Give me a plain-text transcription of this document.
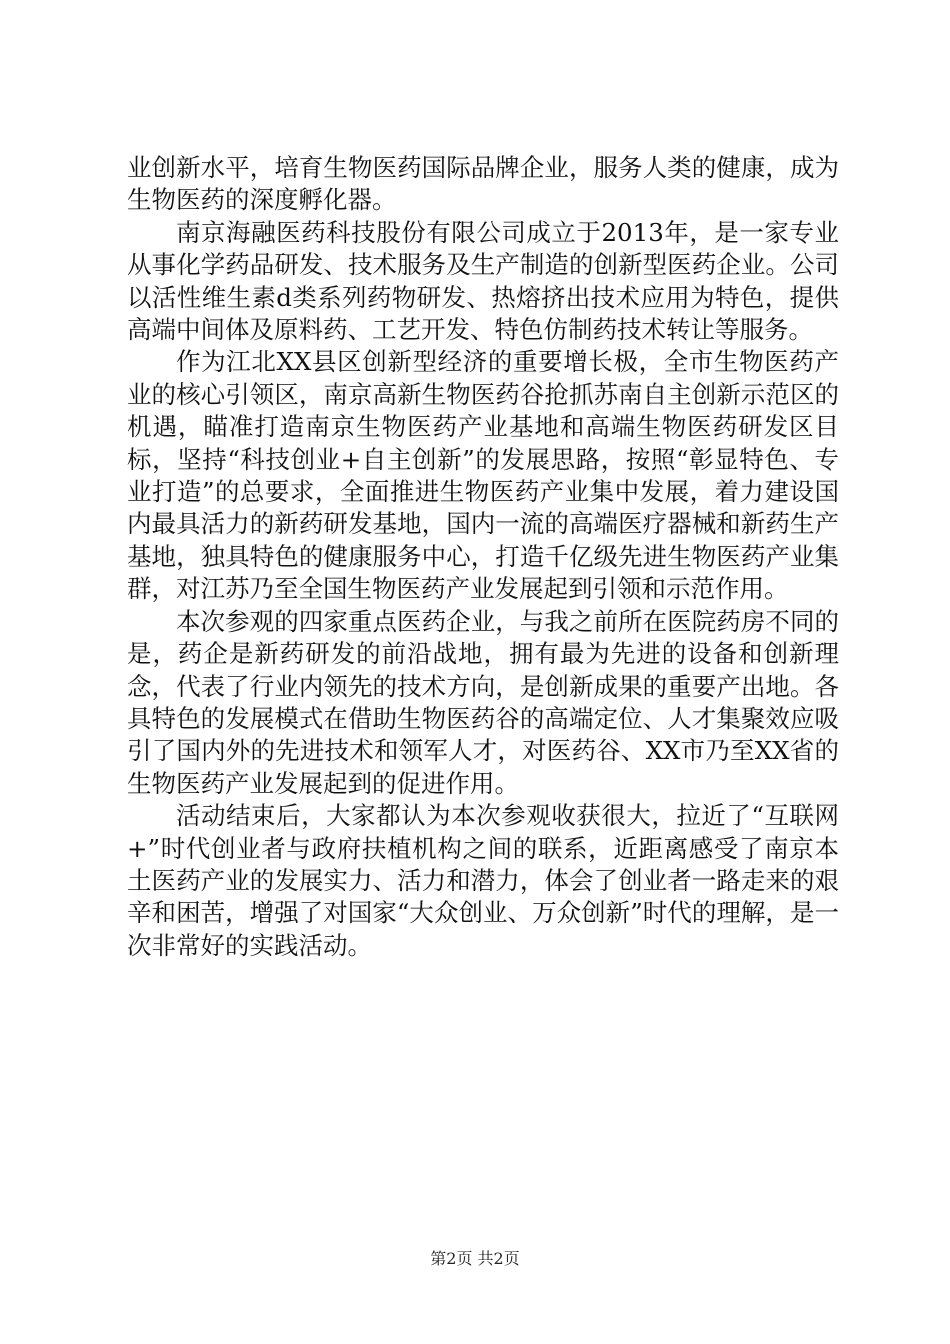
业创新水平，培育生物医药国际品牌企业，服务人类的健康，成为生物医药的深度孵化器。

南京海融医药科技股份有限公司成立于2013年，是一家专业从事化学药品研发、技术服务及生产制造的创新型医药企业。公司以活性维生素d类系列药物研发、热熔挤出技术应用为特色，提供高端中间体及原料药、工艺开发、特色仿制药技术转让等服务。

作为江北XX县区创新型经济的重要增长极，全市生物医药产业的核心引领区，南京高新生物医药谷抢抓苏南自主创新示范区的机遇，瞄准打造南京生物医药产业基地和高端生物医药研发区目标，坚持“科技创业+自主创新”的发展思路，按照“彰显特色、专业打造”的总要求，全面推进生物医药产业集中发展，着力建设国内最具活力的新药研发基地，国内一流的高端医疗器械和新药生产基地，独具特色的健康服务中心，打造千亿级先进生物医药产业集群，对江苏乃至全国生物医药产业发展起到引领和示范作用。

本次参观的四家重点医药企业，与我之前所在医院药房不同的是，药企是新药研发的前沿战地，拥有最为先进的设备和创新理念，代表了行业内领先的技术方向，是创新成果的重要产出地。各具特色的发展模式在借助生物医药谷的高端定位、人才集聚效应吸引了国内外的先进技术和领军人才，对医药谷、XX市乃至XX省的生物医药产业发展起到的促进作用。

活动结束后，大家都认为本次参观收获很大，拉近了“互联网+”时代创业者与政府扶植机构之间的联系，近距离感受了南京本土医药产业的发展实力、活力和潜力，体会了创业者一路走来的艰辛和困苦，增强了对国家“大众创业、万众创新”时代的理解，是一次非常好的实践活动。

第2页 共2页
